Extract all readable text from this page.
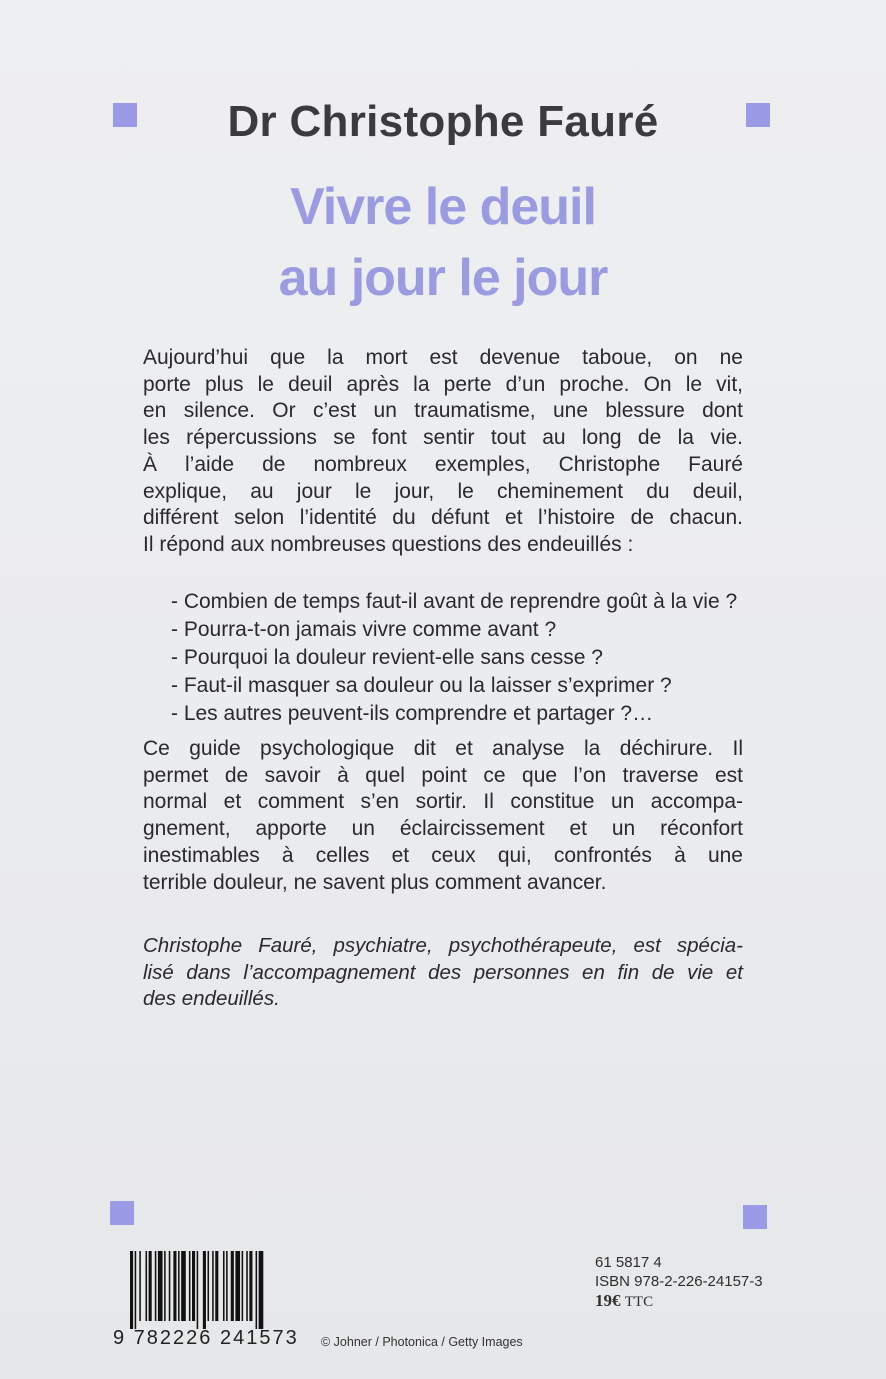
Dr Christophe Fauré
Vivre le deuil
au jour le jour
Aujourd’hui que la mort est devenue taboue, on ne
porte plus le deuil après la perte d’un proche. On le vit,
en silence. Or c’est un traumatisme, une blessure dont
les répercussions se font sentir tout au long de la vie.
À l’aide de nombreux exemples, Christophe Fauré
explique, au jour le jour, le cheminement du deuil,
différent selon l’identité du défunt et l’histoire de chacun.
Il répond aux nombreuses questions des endeuillés :
- Combien de temps faut-il avant de reprendre goût à la vie ?
- Pourra-t-on jamais vivre comme avant ?
- Pourquoi la douleur revient-elle sans cesse ?
- Faut-il masquer sa douleur ou la laisser s’exprimer ?
- Les autres peuvent-ils comprendre et partager ?…
Ce guide psychologique dit et analyse la déchirure. Il
permet de savoir à quel point ce que l’on traverse est
normal et comment s’en sortir. Il constitue un accompa-
gnement, apporte un éclaircissement et un réconfort
inestimables à celles et ceux qui, confrontés à une
terrible douleur, ne savent plus comment avancer.
Christophe Fauré, psychiatre, psychothérapeute, est spécia-
lisé dans l’accompagnement des personnes en fin de vie et
des endeuillés.
9 782226 241573	© Johner / Photonica / Getty Images
61 5817 4
ISBN 978-2-226-24157-3
19€ TTC
